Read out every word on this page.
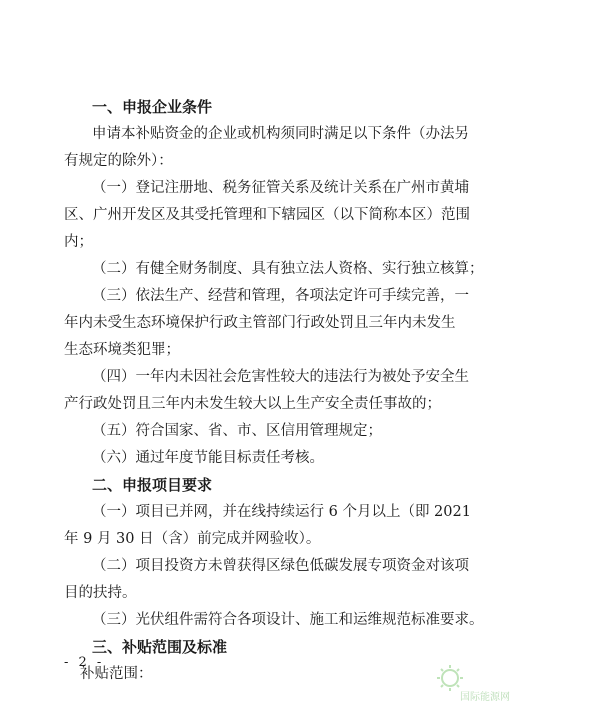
一、申报企业条件
申请本补贴资金的企业或机构须同时满足以下条件（办法另
有规定的除外）：
（一）登记注册地、税务征管关系及统计关系在广州市黄埔
区、广州开发区及其受托管理和下辖园区（以下简称本区）范围
内；
（二）有健全财务制度、具有独立法人资格、实行独立核算；
（三）依法生产、经营和管理，各项法定许可手续完善，一
年内未受生态环境保护行政主管部门行政处罚且三年内未发生
生态环境类犯罪；
（四）一年内未因社会危害性较大的违法行为被处予安全生
产行政处罚且三年内未发生较大以上生产安全责任事故的；
（五）符合国家、省、市、区信用管理规定；
（六）通过年度节能目标责任考核。
二、申报项目要求
（一）项目已并网，并在线持续运行 6 个月以上（即 2021
年 9 月 30 日（含）前完成并网验收）。
（二）项目投资方未曾获得区绿色低碳发展专项资金对该项
目的扶持。
（三）光伏组件需符合各项设计、施工和运维规范标准要求。
三、补贴范围及标准
补贴范围：
- 2 -
国际能源网
